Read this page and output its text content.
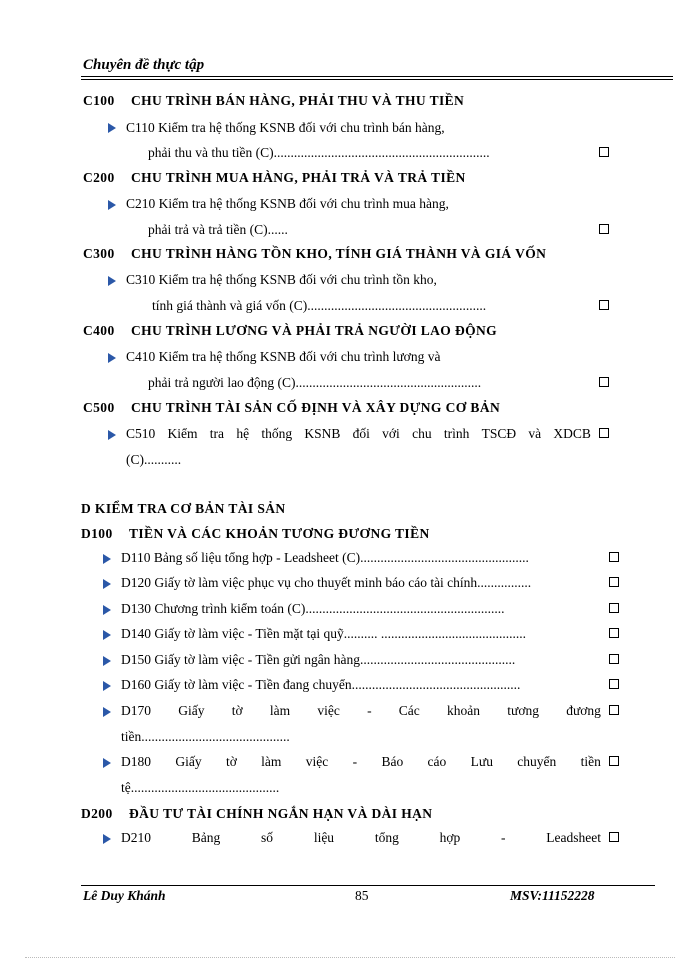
Chuyên đề thực tập
C100 CHU TRÌNH BÁN HÀNG, PHẢI THU VÀ THU TIỀN
C110 Kiểm tra hệ thống KSNB đối với chu trình bán hàng,
phải thu và thu tiền (C)................................................................
C200 CHU TRÌNH MUA HÀNG, PHẢI TRẢ VÀ TRẢ TIỀN
C210 Kiểm tra hệ thống KSNB đối với chu trình mua hàng,
phải trả và trả tiền (C)......
C300 CHU TRÌNH HÀNG TỒN KHO, TÍNH GIÁ THÀNH VÀ GIÁ VỐN
C310 Kiểm tra hệ thống KSNB đối với chu trình tồn kho,
tính giá thành và giá vốn (C).....................................................
C400 CHU TRÌNH LƯƠNG VÀ PHẢI TRẢ NGƯỜI LAO ĐỘNG
C410 Kiểm tra hệ thống KSNB đối với chu trình lương và
phải trả người lao động (C).......................................................
C500 CHU TRÌNH TÀI SẢN CỐ ĐỊNH VÀ XÂY DỰNG CƠ BẢN
C510 Kiểm tra hệ thống KSNB đối với chu trình TSCĐ và XDCB
(C)...........
D KIỂM TRA CƠ BẢN TÀI SẢN
D100 TIỀN VÀ CÁC KHOẢN TƯƠNG ĐƯƠNG TIỀN
D110 Bảng số liệu tổng hợp - Leadsheet (C)..................................................
D120 Giấy tờ làm việc phục vụ cho thuyết minh báo cáo tài chính................
D130 Chương trình kiểm toán (C)...........................................................
D140 Giấy tờ làm việc - Tiền mặt tại quỹ.......... ...........................................
D150 Giấy tờ làm việc - Tiền gửi ngân hàng..............................................
D160 Giấy tờ làm việc - Tiền đang chuyển..................................................
D170 Giấy tờ làm việc - Các khoản tương đương
tiền............................................
D180 Giấy tờ làm việc - Báo cáo Lưu chuyển tiền
tệ............................................
D200 ĐẦU TƯ TÀI CHÍNH NGẮN HẠN VÀ DÀI HẠN
D210	Bảng	số	liệu	tổng	hợp	-	Leadsheet
Lê Duy Khánh	85	MSV:11152228
